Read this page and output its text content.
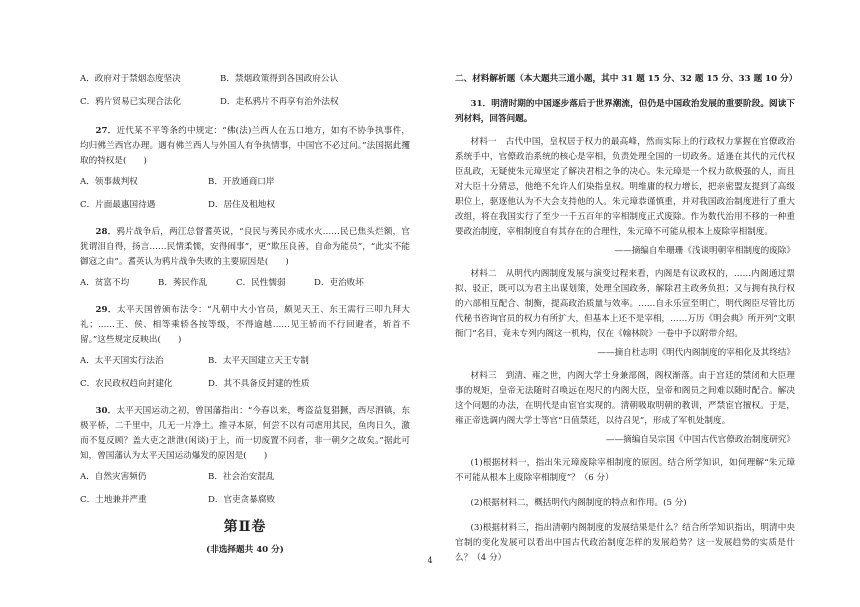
A．政府对于禁烟态度坚决	B．禁烟政策得到各国政府公认
C．鸦片贸易已实现合法化	D．走私鸦片不再享有治外法权
27．近代某不平等条约中规定：“佛(法)兰西人在五口地方，如有不协争执事件，均归佛兰西官办理。遇有佛兰西人与外国人有争执情事，中国官不必过问。”法国据此攫取的特权是(　　)
A．领事裁判权	B．开放通商口岸
C．片面最惠国待遇	D．居住及租地权
28．鸦片战争后，两江总督耆英说，“良民与莠民亦成水火……民已焦头烂额，官犹谓泪自得，扬言……民情柔懦，安得闹事”，更“欺压良善，自命为能员”，“此实不能御寇之由”。耆英认为鸦片战争失败的主要原因是(　　)
A．贫富不均	B．莠民作乱	C．民性懦弱	D．吏治败坏
29．太平天国曾颁布法令：“凡朝中大小官员，颇见天王、东王需行三叩九拜大礼；……王、侯、相等乘轿各按等级，不得逾越……见王轿而不行回避者，斩首不留。”这些规定反映出(　　)
A．太平天国实行法治	B．太平天国建立天王专制
C．农民政权趋向封建化	D．其不具备反封建的性质
30．太平天国运动之初，曾国藩指出：“今春以来，粤盗益复猖獗，西尽泗镇，东极平桥，二千里中，几无一片净土。推寻本原，何尝不以有司虐用其民，鱼肉日久，激而不复反顾？盖大吏之泄泄(闲谈)于上，而一切废置不问者，非一朝夕之故矣。”据此可知，曾国藩认为太平天国运动爆发的原因是(　　)
A．自然灾害频仍	B．社会治安混乱
C．土地兼并严重	D．官吏贪暴腐败
第Ⅱ卷
(非选择题共 40 分)
二、材料解析题（本大题共三道小题，其中 31 题 15 分、32 题 15 分、33 题 10 分）
31．明清时期的中国逐步落后于世界潮流，但仍是中国政治发展的重要阶段。阅读下列材料，回答问题。
材料一　古代中国，皇权居于权力的最高峰，然而实际上的行政权力掌握在官僚政治系统手中，官僚政治系统的核心是宰相，负责处理全国的一切政务。适逢在其代的元代权臣乱政，无疑使朱元璋坚定了解决君相之争的决心。朱元璋是一个权力欲极强的人，而且对大臣十分猜忌，他绝不允许人们染指皇权。明维庸的权力增长，把亲密盟友提到了高级职位上，驱逐他认为不大会支持他的人。朱元璋恭谨慎重，并对我国政治制度进行了重大改组，将在我国实行了至少一千五百年的宰相制度正式废除。作为数代治用不移的一种重要政治制度，宰相制度自有其存在的合理性，朱元璋不可能从根本上废除宰相制度。
——摘编自牟珊珊《浅谈明朝宰相制度的废除》
材料二　从明代内阁制度发展与演变过程来看，内阁是有议政权的，……内阁通过票拟、驳正，既可以为君主出谋划策，处理全国政务，解除君主政务负担；又与拥有执行权的六部相互配合、制衡，提高政治质量与效率。……自永乐宣至明亡，明代阁臣尽管比历代秘书咨询官员的权力有所扩大，但基本上还不是宰相，……万历《明会典》所开列“文职衙门”名目，竟未专列内阁这一机构，仅在《翰林院》一卷中予以附带介绍。
——摘自杜志明《明代内阁制度的宰相化及其终结》
材料三　到清、雍之世，内阁大学士身兼部阁，阁权渐落。由于宫廷的禁闭和大臣理事的规矩，皇帝无法随时召唤远在咫尺的内阁大臣，皇帝和阁员之间难以随时配合。解决这个问题的办法，在明代是由宦官实现的。清朝吸取明朝的教训，严禁宦官擅权。于是，雍正帝选调内阁大学士等官“日值禁廷，以待召见”，形成了军机处制度。
——摘编自吴宗国《中国古代官僚政治制度研究》
(1)根据材料一，指出朱元璋废除宰相制度的原因。结合所学知识，如何理解“朱元璋不可能从根本上废除宰相制度”？（6 分）
(2)根据材料二，概括明代内阁制度的特点和作用。(5 分)
(3)根据材料三，指出清朝内阁制度的发展结果是什么？结合所学知识指出，明清中央官制的变化发展可以看出中国古代政治制度怎样的发展趋势？这一发展趋势的实质是什么？（4 分）
4
